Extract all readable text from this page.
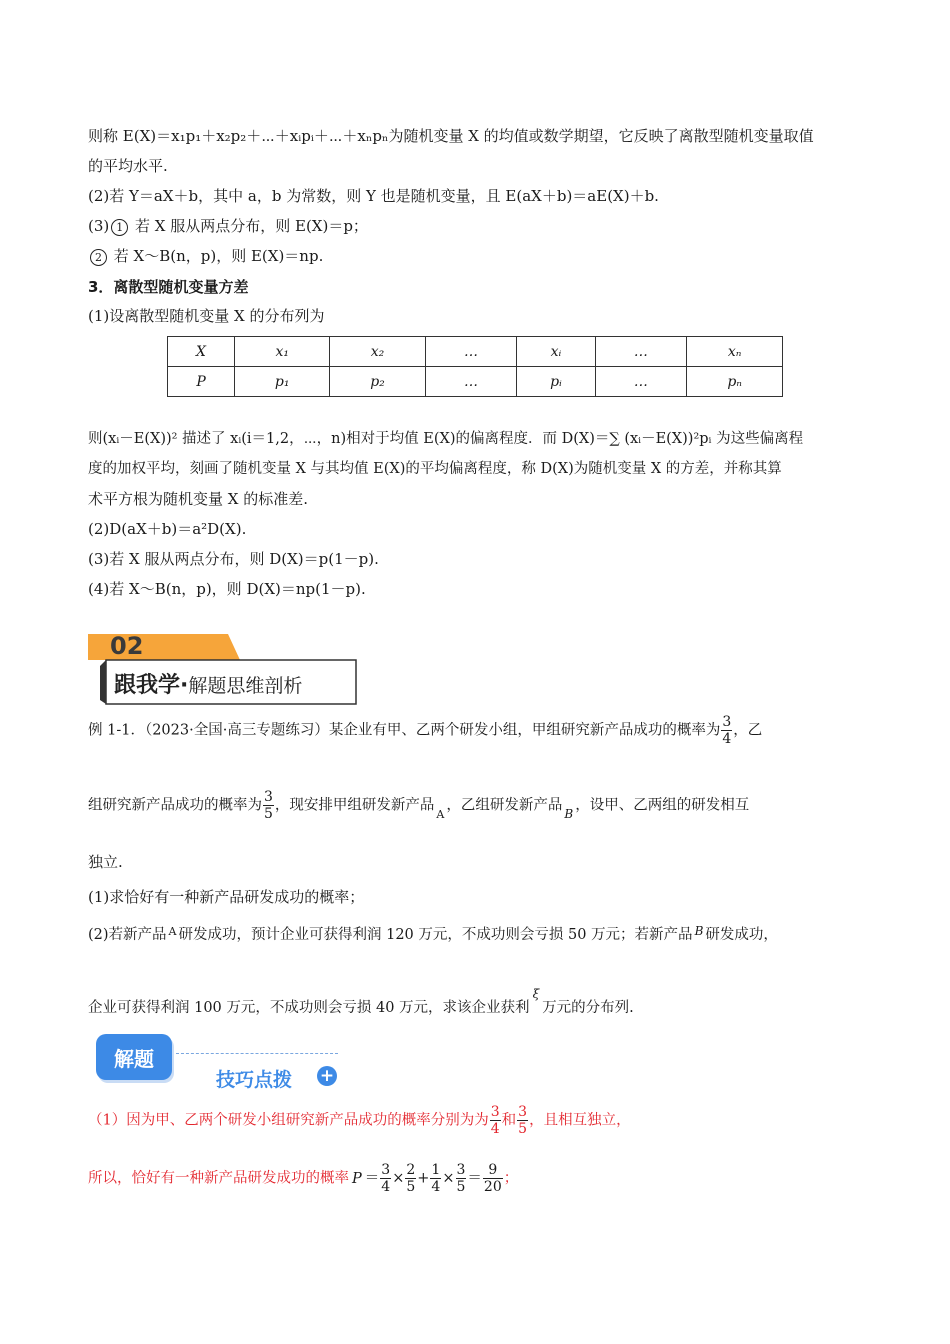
则称 E(X)＝x₁p₁＋x₂p₂＋⋯＋xᵢpᵢ＋⋯＋xₙpₙ为随机变量 X 的均值或数学期望，它反映了离散型随机变量取值
的平均水平.
(2)若 Y＝aX＋b，其中 a，b 为常数，则 Y 也是随机变量，且 E(aX＋b)＝aE(X)＋b.
(3) 1 若 X 服从两点分布，则 E(X)＝p；
2 若 X～B(n，p)，则 E(X)＝np.
3．离散型随机变量方差
(1)设离散型随机变量 X 的分布列为
X	x₁	x₂	…	xᵢ	…	xₙ
P	p₁	p₂	…	pᵢ	…	pₙ
则(xᵢ－E(X))² 描述了 xᵢ(i＝1,2，⋯，n)相对于均值 E(X)的偏离程度．而 D(X)＝∑ (xᵢ－E(X))²pᵢ 为这些偏离程
度的加权平均，刻画了随机变量 X 与其均值 E(X)的平均偏离程度，称 D(X)为随机变量 X 的方差，并称其算
术平方根为随机变量 X 的标准差.
(2)D(aX＋b)＝a²D(X).
(3)若 X 服从两点分布，则 D(X)＝p(1－p).
(4)若 X～B(n，p)，则 D(X)＝np(1－p).
02
跟我学·解题思维剖析
例 1-1．（2023·全国·高三专题练习）某企业有甲、乙两个研发小组，甲组研究新产品成功的概率为 $\frac{3}{4}$ ，乙
组研究新产品成功的概率为 $\frac{3}{5}$ ，现安排甲组研发新产品$_A$，乙组研发新产品 $_B$ ，设甲、乙两组的研发相互
独立.
(1)求恰好有一种新产品研发成功的概率；
(2)若新产品 $^A$ 研发成功，预计企业可获得利润 120 万元，不成功则会亏损 50 万元；若新产品 $^B$ 研发成功，
企业可获得利润 100 万元，不成功则会亏损 40 万元，求该企业获利$^\xi$万元的分布列.
解题
技巧点拨 +
（1）因为甲、乙两个研发小组研究新产品成功的概率分别为为 $\frac{3}{4}$ 和 $\frac{3}{5}$ ，且相互独立，
所以，恰好有一种新产品研发成功的概率 $P = \frac{3}{4} \times \frac{2}{5} + \frac{1}{4} \times \frac{3}{5} = \frac{9}{20}$ ；
